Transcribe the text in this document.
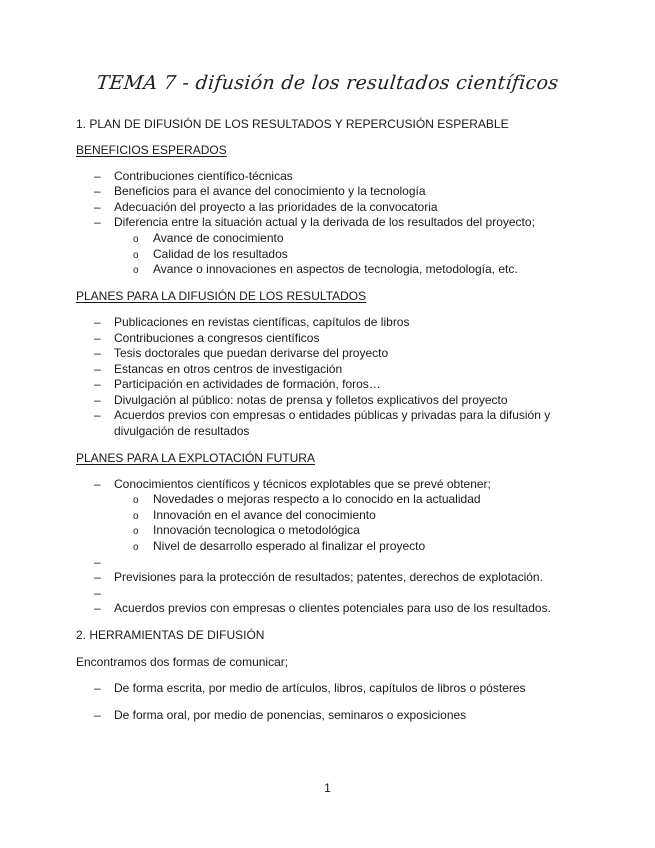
TEMA 7 - difusión de los resultados científicos
1. PLAN DE DIFUSIÓN DE LOS RESULTADOS Y REPERCUSIÓN ESPERABLE
BENEFICIOS ESPERADOS
– Contribuciones científico-técnicas
– Beneficios para el avance del conocimiento y la tecnología
– Adecuación del proyecto a las prioridades de la convocatoria
– Diferencia entre la situación actual y la derivada de los resultados del proyecto;
o Avance de conocimiento
o Calidad de los resultados
o Avance o innovaciones en aspectos de tecnologia, metodología, etc.
PLANES PARA LA DIFUSIÓN DE LOS RESULTADOS
– Publicaciones en revistas científicas, capítulos de libros
– Contribuciones a congresos científicos
– Tesis doctorales que puedan derivarse del proyecto
– Estancas en otros centros de investigación
– Participación en actividades de formación, foros…
– Divulgación al público: notas de prensa y folletos explicativos del proyecto
– Acuerdos previos con empresas o entidades públicas y privadas para la difusión y
divulgación de resultados
PLANES PARA LA EXPLOTACIÓN FUTURA
– Conocimientos científicos y técnicos explotables que se prevé obtener;
o Novedades o mejoras respecto a lo conocido en la actualidad
o Innovación en el avance del conocimiento
o Innovación tecnologica o metodológica
o Nivel de desarrollo esperado al finalizar el proyecto
–
– Previsiones para la protección de resultados; patentes, derechos de explotación.
–
– Acuerdos previos con empresas o clientes potenciales para uso de los resultados.
2. HERRAMIENTAS DE DIFUSIÓN
Encontramos dos formas de comunicar;
– De forma escrita, por medio de artículos, libros, capítulos de libros o pósteres
– De forma oral, por medio de ponencias, seminaros o exposiciones
1
